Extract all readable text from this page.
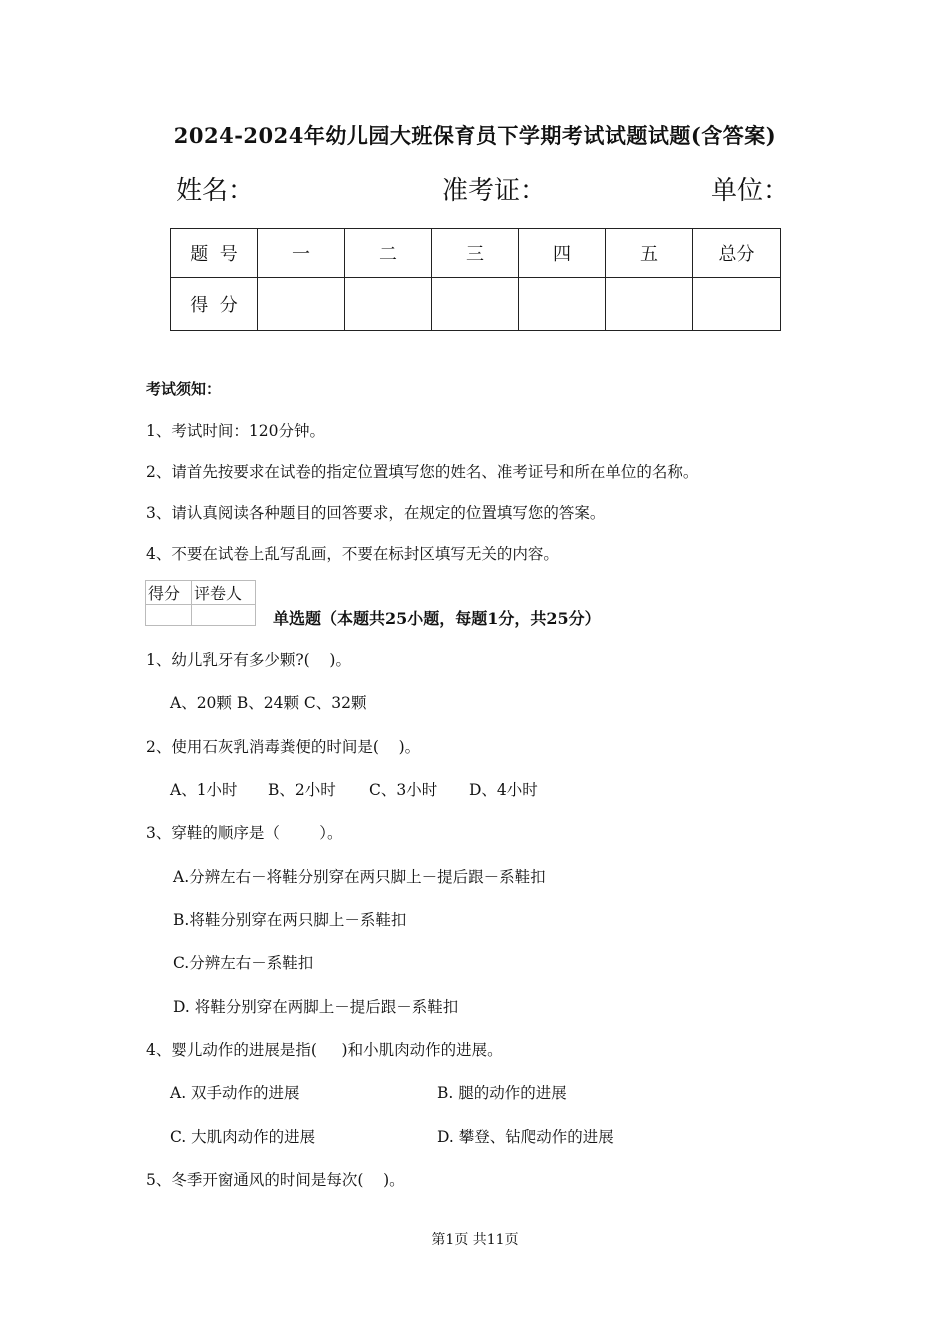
2024-2024年幼儿园大班保育员下学期考试试题试题(含答案)
姓名：	准考证：	单位：
题  号	一	二	三	四	五	总分
得  分						
考试须知：
1、考试时间：120分钟。
2、请首先按要求在试卷的指定位置填写您的姓名、准考证号和所在单位的名称。
3、请认真阅读各种题目的回答要求，在规定的位置填写您的答案。
4、不要在试卷上乱写乱画，不要在标封区填写无关的内容。
得分	评卷人

单选题（本题共25小题，每题1分，共25分）
1、幼儿乳牙有多少颗?(    )。
A、20颗 B、24颗 C、32颗
2、使用石灰乳消毒粪便的时间是(    )。
A、1小时 B、2小时 C、3小时 D、4小时
3、穿鞋的顺序是（        ）。
A.分辨左右－将鞋分别穿在两只脚上－提后跟－系鞋扣
B.将鞋分别穿在两只脚上－系鞋扣
C.分辨左右－系鞋扣
D. 将鞋分别穿在两脚上－提后跟－系鞋扣
4、婴儿动作的进展是指(     )和小肌肉动作的进展。
A. 双手动作的进展	B. 腿的动作的进展
C. 大肌肉动作的进展	D. 攀登、钻爬动作的进展
5、冬季开窗通风的时间是每次(    )。
第1页 共11页
